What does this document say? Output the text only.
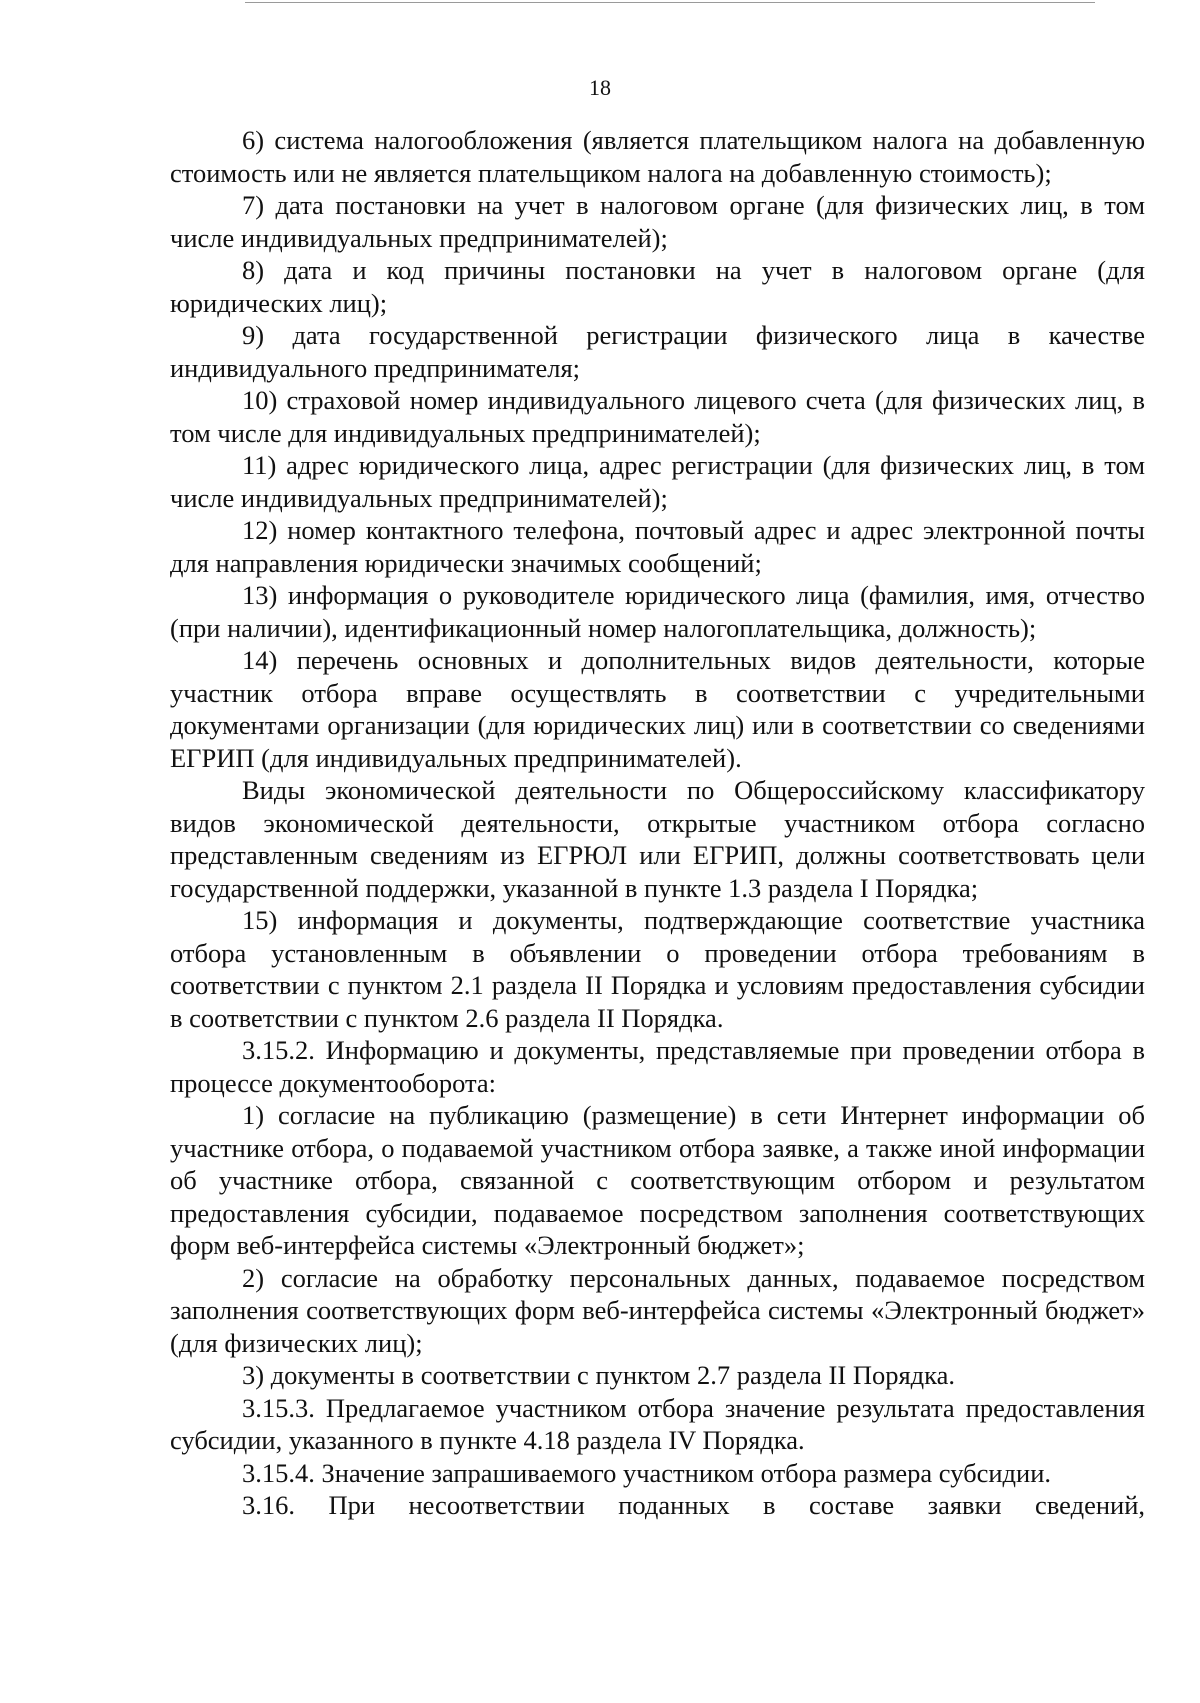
18

6) система налогообложения (является плательщиком налога на добавленную стоимость или не является плательщиком налога на добавленную стоимость);

7) дата постановки на учет в налоговом органе (для физических лиц, в том числе индивидуальных предпринимателей);

8) дата и код причины постановки на учет в налоговом органе (для юридических лиц);

9) дата государственной регистрации физического лица в качестве индивидуального предпринимателя;

10) страховой номер индивидуального лицевого счета (для физических лиц, в том числе для индивидуальных предпринимателей);

11) адрес юридического лица, адрес регистрации (для физических лиц, в том числе индивидуальных предпринимателей);

12) номер контактного телефона, почтовый адрес и адрес электронной почты для направления юридически значимых сообщений;

13) информация о руководителе юридического лица (фамилия, имя, отчество (при наличии), идентификационный номер налогоплательщика, должность);

14) перечень основных и дополнительных видов деятельности, которые участник отбора вправе осуществлять в соответствии с учредительными документами организации (для юридических лиц) или в соответствии со сведениями ЕГРИП (для индивидуальных предпринимателей).

Виды экономической деятельности по Общероссийскому классификатору видов экономической деятельности, открытые участником отбора согласно представленным сведениям из ЕГРЮЛ или ЕГРИП, должны соответствовать цели государственной поддержки, указанной в пункте 1.3 раздела I Порядка;

15) информация и документы, подтверждающие соответствие участника отбора установленным в объявлении о проведении отбора требованиям в соответствии с пунктом 2.1 раздела II Порядка и условиям предоставления субсидии в соответствии с пунктом 2.6 раздела II Порядка.

3.15.2. Информацию и документы, представляемые при проведении отбора в процессе документооборота:

1) согласие на публикацию (размещение) в сети Интернет информации об участнике отбора, о подаваемой участником отбора заявке, а также иной информации об участнике отбора, связанной с соответствующим отбором и результатом предоставления субсидии, подаваемое посредством заполнения соответствующих форм веб-интерфейса системы «Электронный бюджет»;

2) согласие на обработку персональных данных, подаваемое посредством заполнения соответствующих форм веб-интерфейса системы «Электронный бюджет» (для физических лиц);

3) документы в соответствии с пунктом 2.7 раздела II Порядка.

3.15.3. Предлагаемое участником отбора значение результата предоставления субсидии, указанного в пункте 4.18 раздела IV Порядка.

3.15.4. Значение запрашиваемого участником отбора размера субсидии.

3.16. При несоответствии поданных в составе заявки сведений,
